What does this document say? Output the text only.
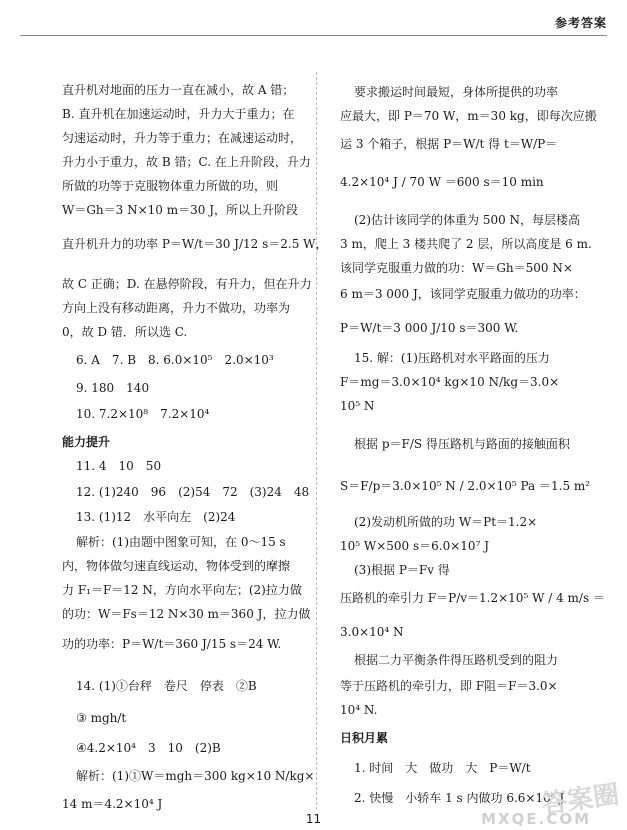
参考答案
直升机对地面的压力一直在减小，故 A 错；
B. 直升机在加速运动时，升力大于重力；在
匀速运动时，升力等于重力；在减速运动时，
升力小于重力，故 B 错；C. 在上升阶段，升力
所做的功等于克服物体重力所做的功，则
W＝Gh＝3 N×10 m＝30 J，所以上升阶段
直升机升力的功率 P＝W/t＝30 J/12 s＝2.5 W，
故 C 正确；D. 在悬停阶段，有升力，但在升力
方向上没有移动距离，升力不做功，功率为
0，故 D 错．所以选 C.
6. A　7. B　8. 6.0×10⁵　2.0×10³
9. 180　140
10. 7.2×10⁸　7.2×10⁴
能力提升
11. 4　10　50
12. (1)240　96　(2)54　72　(3)24　48
13. (1)12　水平向左　(2)24
解析：(1)由题中图象可知，在 0～15 s
内，物体做匀速直线运动，物体受到的摩擦
力 F₁＝F＝12 N，方向水平向左；(2)拉力做
的功：W＝Fs＝12 N×30 m＝360 J，拉力做
功的功率：P＝W/t＝360 J/15 s＝24 W.
14. (1)①台秤　卷尺　停表　②B
③ mgh/t
④4.2×10⁴　3　10　(2)B
解析：(1)①W＝mgh＝300 kg×10 N/kg×
14 m＝4.2×10⁴ J
要求搬运时间最短，身体所提供的功率
应最大，即 P＝70 W，m＝30 kg，即每次应搬
运 3 个箱子，根据 P＝W/t 得 t＝W/P＝
4.2×10⁴ J / 70 W ＝600 s＝10 min
(2)估计该同学的体重为 500 N，每层楼高
3 m，爬上 3 楼共爬了 2 层，所以高度是 6 m.
该同学克服重力做的功：W＝Gh＝500 N×
6 m＝3 000 J，该同学克服重力做功的功率：
P＝W/t＝3 000 J/10 s＝300 W.
15. 解：(1)压路机对水平路面的压力
F＝mg＝3.0×10⁴ kg×10 N/kg＝3.0×
10⁵ N
根据 p＝F/S 得压路机与路面的接触面积
S＝F/p＝3.0×10⁵ N / 2.0×10⁵ Pa ＝1.5 m²
(2)发动机所做的功 W＝Pt＝1.2×
10⁵ W×500 s＝6.0×10⁷ J
(3)根据 P＝Fv 得
压路机的牵引力 F＝P/v＝1.2×10⁵ W / 4 m/s ＝
3.0×10⁴ N
根据二力平衡条件得压路机受到的阻力
等于压路机的牵引力，即 F阻＝F＝3.0×
10⁴ N.
日积月累
1. 时间　大　做功　大　P＝W/t
2. 快慢　小轿车 1 s 内做功 6.6×10⁴ J
11	答案圈
MXQE.COM
